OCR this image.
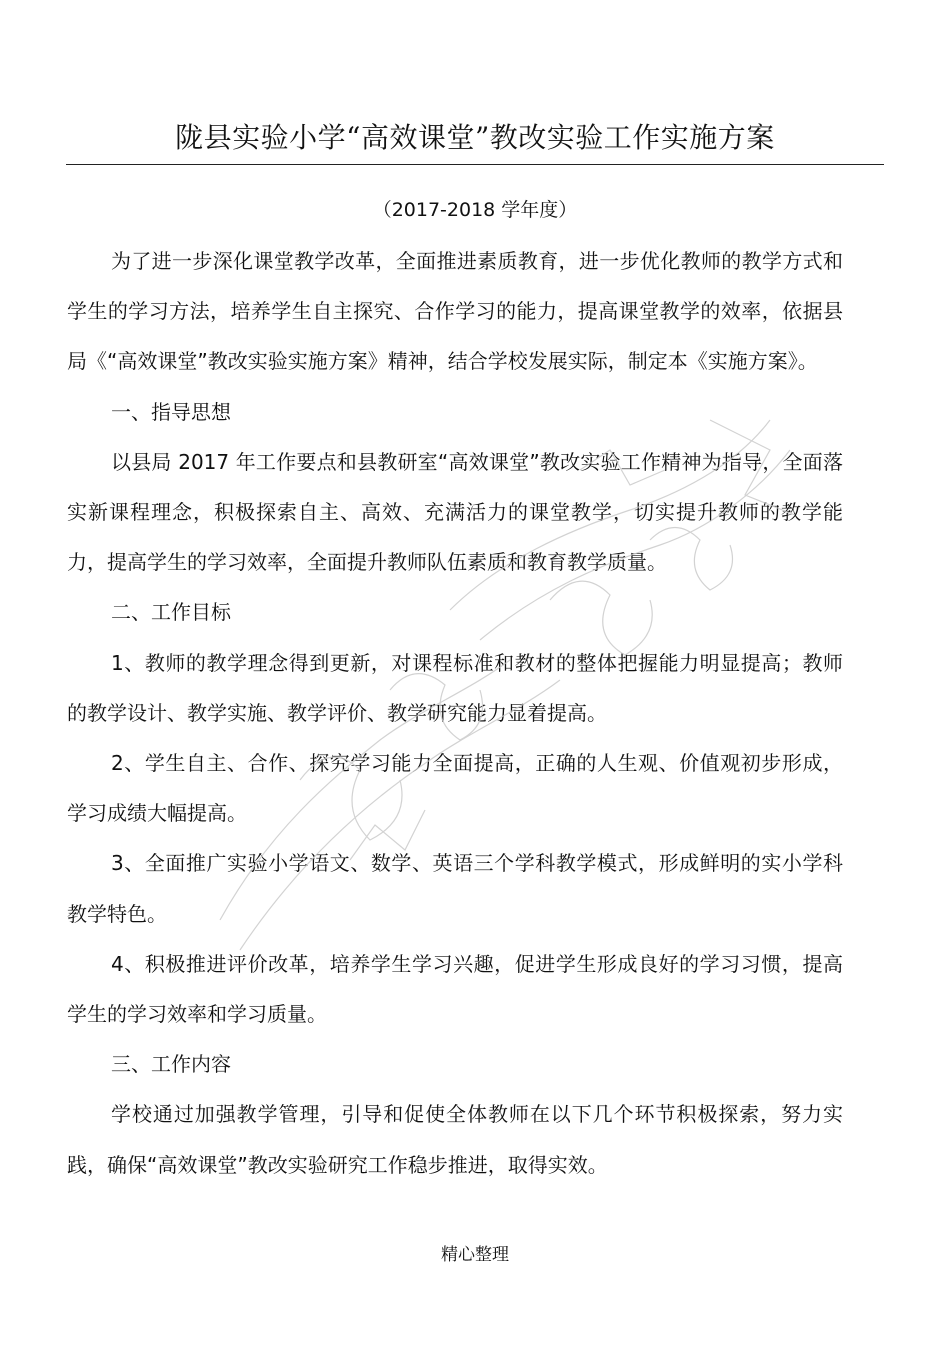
陇县实验小学“高效课堂”教改实验工作实施方案
（2017-2018 学年度）

为了进一步深化课堂教学改革，全面推进素质教育，进一步优化教师的教学方式和学生的学习方法，培养学生自主探究、合作学习的能力，提高课堂教学的效率，依据县局《“高效课堂”教改实验实施方案》精神，结合学校发展实际，制定本《实施方案》。

一、指导思想

以县局 2017 年工作要点和县教研室“高效课堂”教改实验工作精神为指导，全面落实新课程理念，积极探索自主、高效、充满活力的课堂教学，切实提升教师的教学能力，提高学生的学习效率，全面提升教师队伍素质和教育教学质量。

二、工作目标

1、教师的教学理念得到更新，对课程标准和教材的整体把握能力明显提高；教师的教学设计、教学实施、教学评价、教学研究能力显着提高。

2、学生自主、合作、探究学习能力全面提高，正确的人生观、价值观初步形成，学习成绩大幅提高。

3、全面推广实验小学语文、数学、英语三个学科教学模式，形成鲜明的实小学科教学特色。

4、积极推进评价改革，培养学生学习兴趣，促进学生形成良好的学习习惯，提高学生的学习效率和学习质量。

三、工作内容

学校通过加强教学管理，引导和促使全体教师在以下几个环节积极探索，努力实践，确保“高效课堂”教改实验研究工作稳步推进，取得实效。

精心整理
